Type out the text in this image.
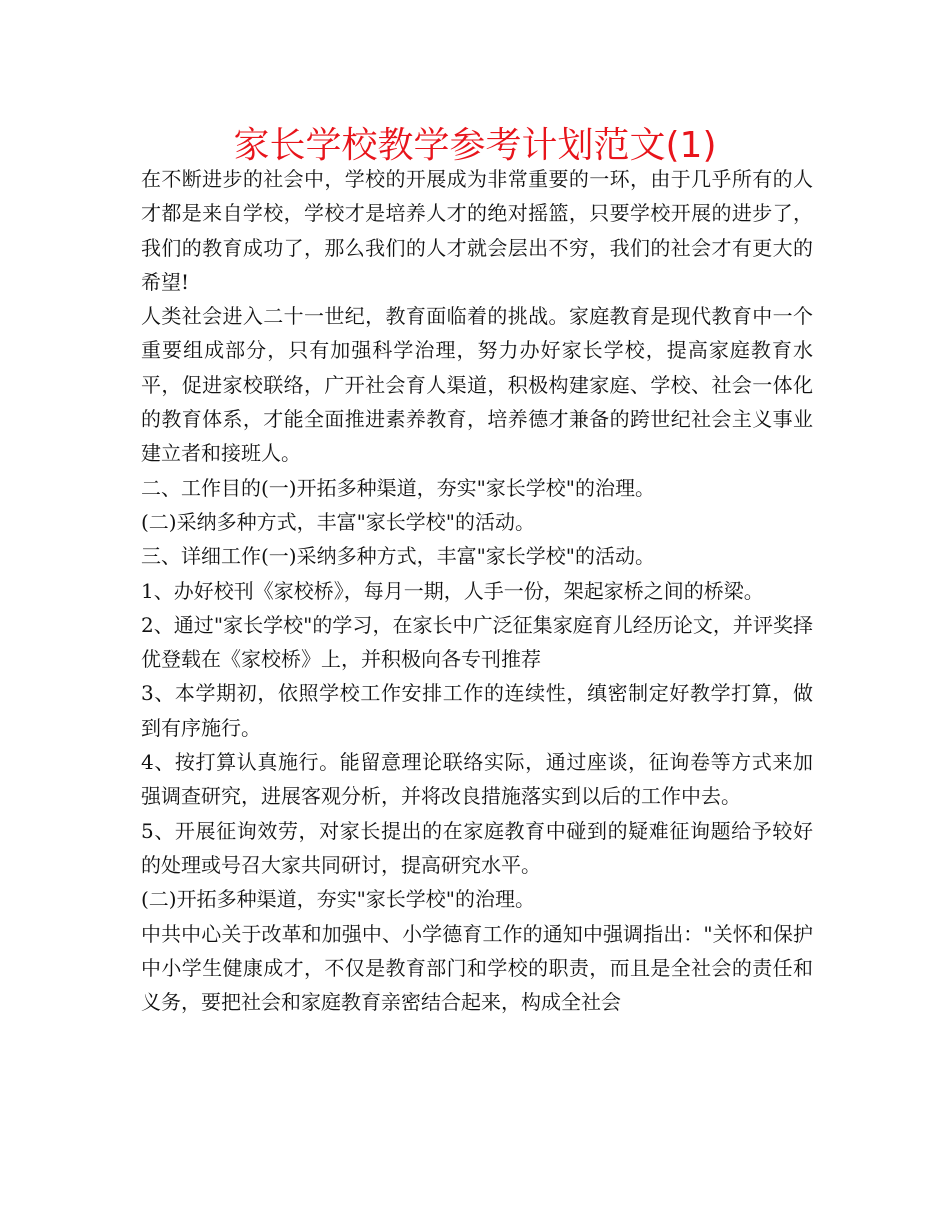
家长学校教学参考计划范文(1)

在不断进步的社会中，学校的开展成为非常重要的一环，由于几乎所有的人才都是来自学校，学校才是培养人才的绝对摇篮，只要学校开展的进步了，我们的教育成功了，那么我们的人才就会层出不穷，我们的社会才有更大的希望!

人类社会进入二十一世纪，教育面临着的挑战。家庭教育是现代教育中一个重要组成部分，只有加强科学治理，努力办好家长学校，提高家庭教育水平，促进家校联络，广开社会育人渠道，积极构建家庭、学校、社会一体化的教育体系，才能全面推进素养教育，培养德才兼备的跨世纪社会主义事业建立者和接班人。

二、工作目的(一)开拓多种渠道，夯实"家长学校"的治理。

(二)采纳多种方式，丰富"家长学校"的活动。

三、详细工作(一)采纳多种方式，丰富"家长学校"的活动。

1、办好校刊《家校桥》，每月一期，人手一份，架起家桥之间的桥梁。

2、通过"家长学校"的学习，在家长中广泛征集家庭育儿经历论文，并评奖择优登载在《家校桥》上，并积极向各专刊推荐

3、本学期初，依照学校工作安排工作的连续性，缜密制定好教学打算，做到有序施行。

4、按打算认真施行。能留意理论联络实际，通过座谈，征询卷等方式来加强调查研究，进展客观分析，并将改良措施落实到以后的工作中去。

5、开展征询效劳，对家长提出的在家庭教育中碰到的疑难征询题给予较好的处理或号召大家共同研讨，提高研究水平。

(二)开拓多种渠道，夯实"家长学校"的治理。

中共中心关于改革和加强中、小学德育工作的通知中强调指出："关怀和保护中小学生健康成才，不仅是教育部门和学校的职责，而且是全社会的责任和义务，要把社会和家庭教育亲密结合起来，构成全社会
